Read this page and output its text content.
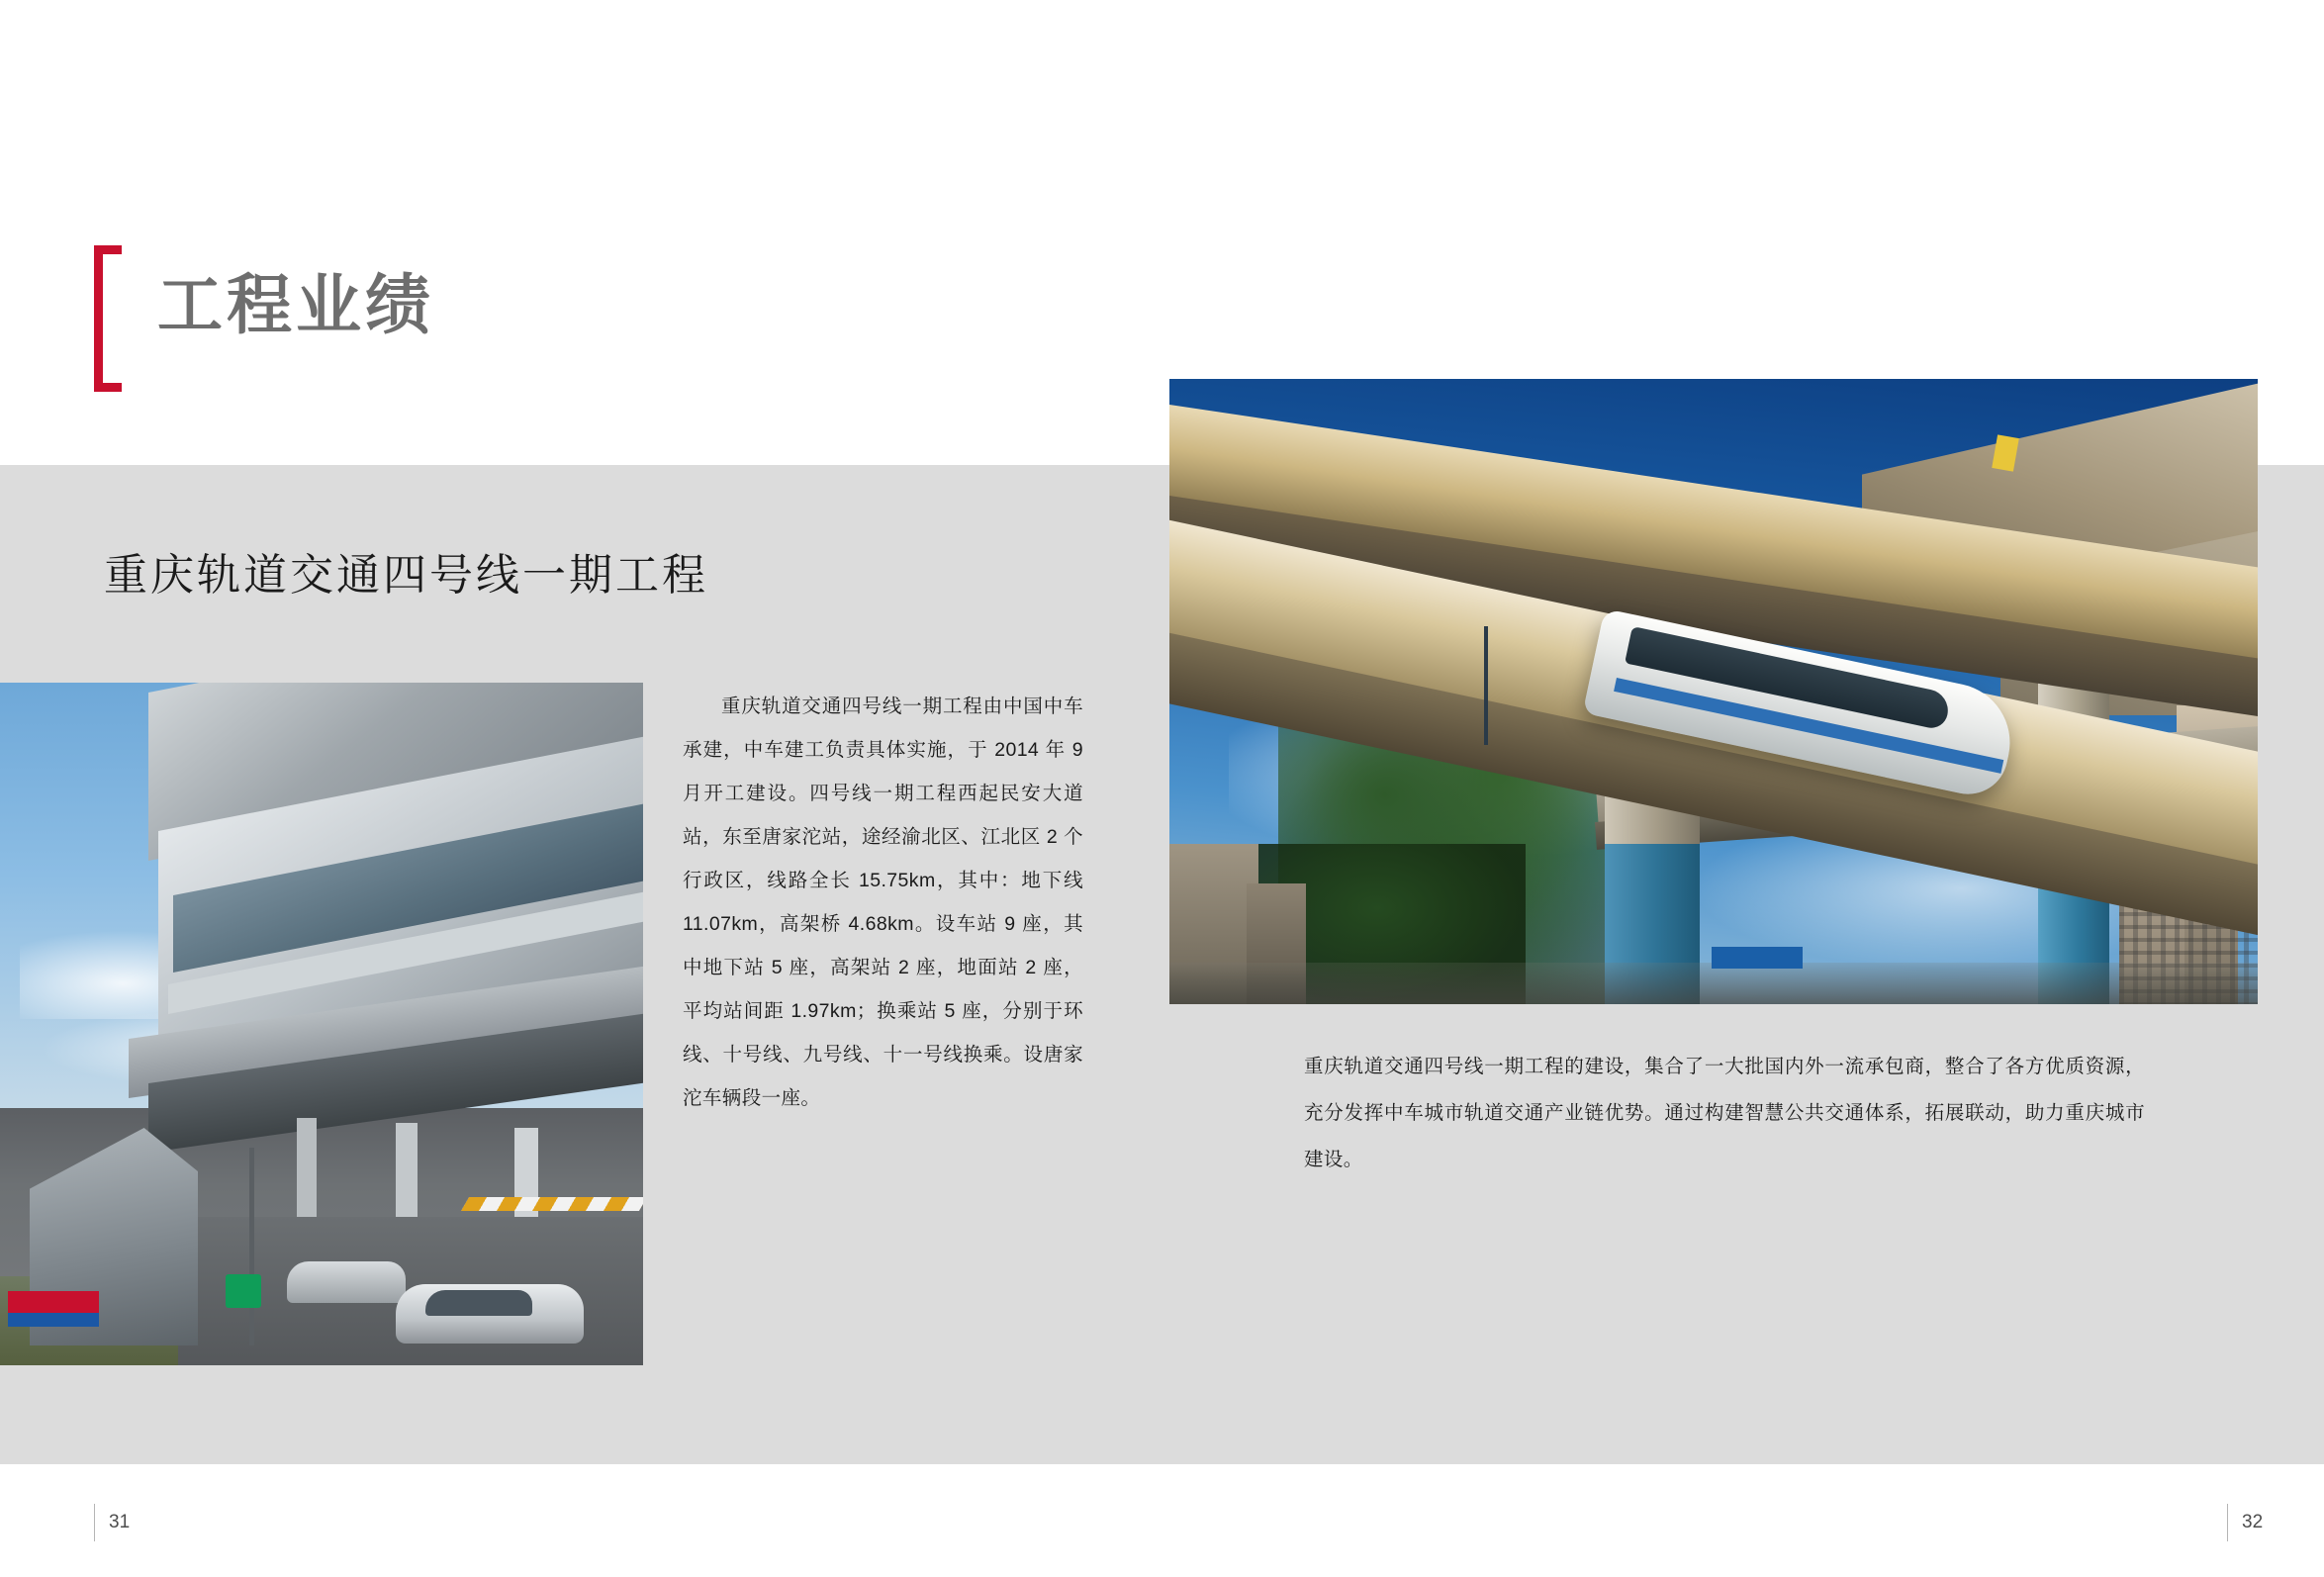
工程业绩
重庆轨道交通四号线一期工程
重庆轨道交通四号线一期工程由中国中车承建，中车建工负责具体实施，于 2014 年 9 月开工建设。四号线一期工程西起民安大道站，东至唐家沱站，途经渝北区、江北区 2 个行政区，线路全长 15.75km，其中：地下线 11.07km，高架桥 4.68km。设车站 9 座，其中地下站 5 座，高架站 2 座，地面站 2 座，平均站间距 1.97km；换乘站 5 座，分别于环线、十号线、九号线、十一号线换乘。设唐家沱车辆段一座。
重庆轨道交通四号线一期工程的建设，集合了一大批国内外一流承包商，整合了各方优质资源，充分发挥中车城市轨道交通产业链优势。通过构建智慧公共交通体系，拓展联动，助力重庆城市建设。
31	32
